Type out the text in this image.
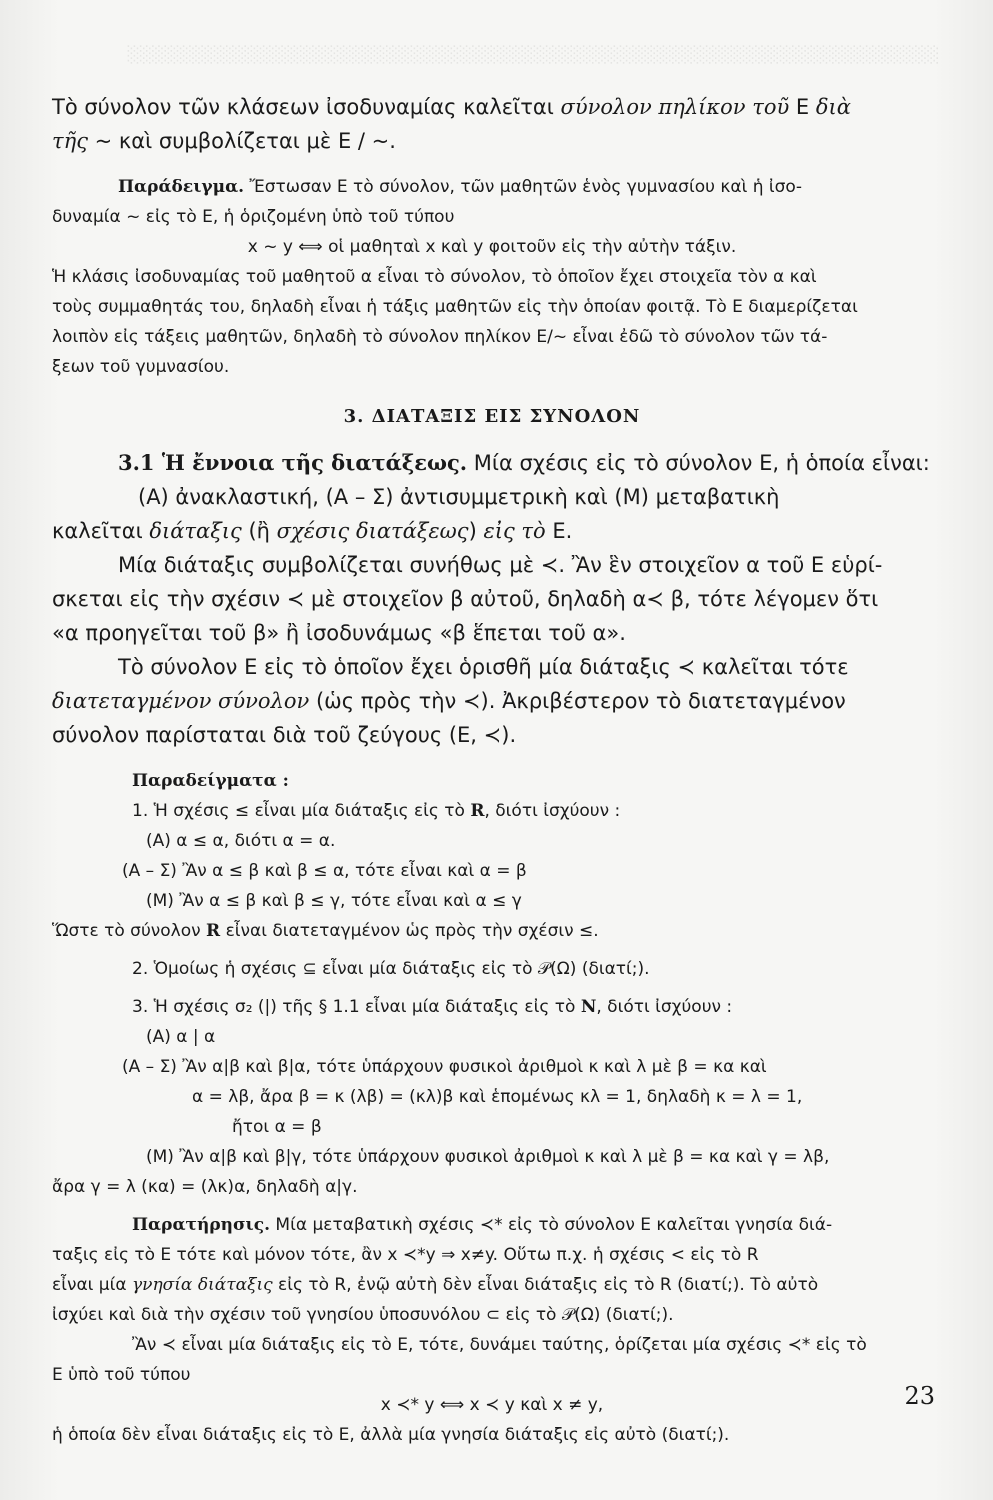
░░░░░░░░░░░░░░░░░░░░░░░░░░░░░░░░░░░░░░░░░░░░░░░░░░░░░░░░░░░░░░░░░░
Τὸ σύνολον τῶν κλάσεων ἰσοδυναμίας καλεῖται σύνολον πηλίκον τοῦ Ε διὰ
τῆς ~ καὶ συμβολίζεται μὲ Ε / ~.
Παράδειγμα. Ἔστωσαν Ε τὸ σύνολον, τῶν μαθητῶν ἑνὸς γυμνασίου καὶ ἡ ἰσο-
δυναμία ~ εἰς τὸ Ε, ἡ ὁριζομένη ὑπὸ τοῦ τύπου
x ~ y ⟺ οἱ μαθηταὶ x καὶ y φοιτοῦν εἰς τὴν αὐτὴν τάξιν.
Ἡ κλάσις ἰσοδυναμίας τοῦ μαθητοῦ α εἶναι τὸ σύνολον, τὸ ὁποῖον ἔχει στοιχεῖα τὸν α καὶ
τοὺς συμμαθητάς του, δηλαδὴ εἶναι ἡ τάξις μαθητῶν εἰς τὴν ὁποίαν φοιτᾷ. Τὸ Ε διαμερίζεται
λοιπὸν εἰς τάξεις μαθητῶν, δηλαδὴ τὸ σύνολον πηλίκον Ε/~ εἶναι ἐδῶ τὸ σύνολον τῶν τά-
ξεων τοῦ γυμνασίου.
3. ΔΙΑΤΑΞΙΣ ΕΙΣ ΣΥΝΟΛΟΝ
3.1 Ἡ ἔννοια τῆς διατάξεως. Μία σχέσις εἰς τὸ σύνολον Ε, ἡ ὁποία εἶναι:
(Α) ἀνακλαστική, (Α – Σ) ἀντισυμμετρικὴ καὶ (Μ) μεταβατικὴ
καλεῖται διάταξις (ἢ σχέσις διατάξεως) εἰς τὸ Ε.
Μία διάταξις συμβολίζεται συνήθως μὲ ≺. Ἂν ἓν στοιχεῖον α τοῦ Ε εὑρί-
σκεται εἰς τὴν σχέσιν ≺ μὲ στοιχεῖον β αὐτοῦ, δηλαδὴ α≺ β, τότε λέγομεν ὅτι
«α προηγεῖται τοῦ β» ἢ ἰσοδυνάμως «β ἕπεται τοῦ α».
Τὸ σύνολον Ε εἰς τὸ ὁποῖον ἔχει ὁρισθῆ μία διάταξις ≺ καλεῖται τότε
διατεταγμένον σύνολον (ὡς πρὸς τὴν ≺). Ἀκριβέστερον τὸ διατεταγμένον
σύνολον παρίσταται διὰ τοῦ ζεύγους (Ε, ≺).
Παραδείγματα :
1. Ἡ σχέσις ≤ εἶναι μία διάταξις εἰς τὸ R, διότι ἰσχύουν :
(Α) α ≤ α, διότι α = α.
(Α – Σ) Ἂν α ≤ β καὶ β ≤ α, τότε εἶναι καὶ α = β
(Μ) Ἂν α ≤ β καὶ β ≤ γ, τότε εἶναι καὶ α ≤ γ
Ὥστε τὸ σύνολον R εἶναι διατεταγμένον ὡς πρὸς τὴν σχέσιν ≤.
2. Ὁμοίως ἡ σχέσις ⊆ εἶναι μία διάταξις εἰς τὸ 𝒫(Ω) (διατί;).
3. Ἡ σχέσις σ₂ (|) τῆς § 1.1 εἶναι μία διάταξις εἰς τὸ N, διότι ἰσχύουν :
(Α) α | α
(Α – Σ) Ἂν α|β καὶ β|α, τότε ὑπάρχουν φυσικοὶ ἀριθμοὶ κ καὶ λ μὲ β = κα καὶ
α = λβ, ἄρα β = κ (λβ) = (κλ)β καὶ ἑπομένως κλ = 1, δηλαδὴ κ = λ = 1,
ἤτοι α = β
(Μ) Ἂν α|β καὶ β|γ, τότε ὑπάρχουν φυσικοὶ ἀριθμοὶ κ καὶ λ μὲ β = κα καὶ γ = λβ,
ἄρα γ = λ (κα) = (λκ)α, δηλαδὴ α|γ.
Παρατήρησις. Μία μεταβατικὴ σχέσις ≺* εἰς τὸ σύνολον Ε καλεῖται γνησία διά-
ταξις εἰς τὸ Ε τότε καὶ μόνον τότε, ἂν x ≺*y ⇒ x≠y. Οὕτω π.χ. ἡ σχέσις < εἰς τὸ R
εἶναι μία γνησία διάταξις εἰς τὸ R, ἐνῷ αὐτὴ δὲν εἶναι διάταξις εἰς τὸ R (διατί;). Τὸ αὐτὸ
ἰσχύει καὶ διὰ τὴν σχέσιν τοῦ γνησίου ὑποσυνόλου ⊂ εἰς τὸ 𝒫(Ω) (διατί;).
Ἂν ≺ εἶναι μία διάταξις εἰς τὸ Ε, τότε, δυνάμει ταύτης, ὁρίζεται μία σχέσις ≺* εἰς τὸ
Ε ὑπὸ τοῦ τύπου
x ≺* y ⟺ x ≺ y καὶ x ≠ y,
ἡ ὁποία δὲν εἶναι διάταξις εἰς τὸ Ε, ἀλλὰ μία γνησία διάταξις εἰς αὐτὸ (διατί;).
23
